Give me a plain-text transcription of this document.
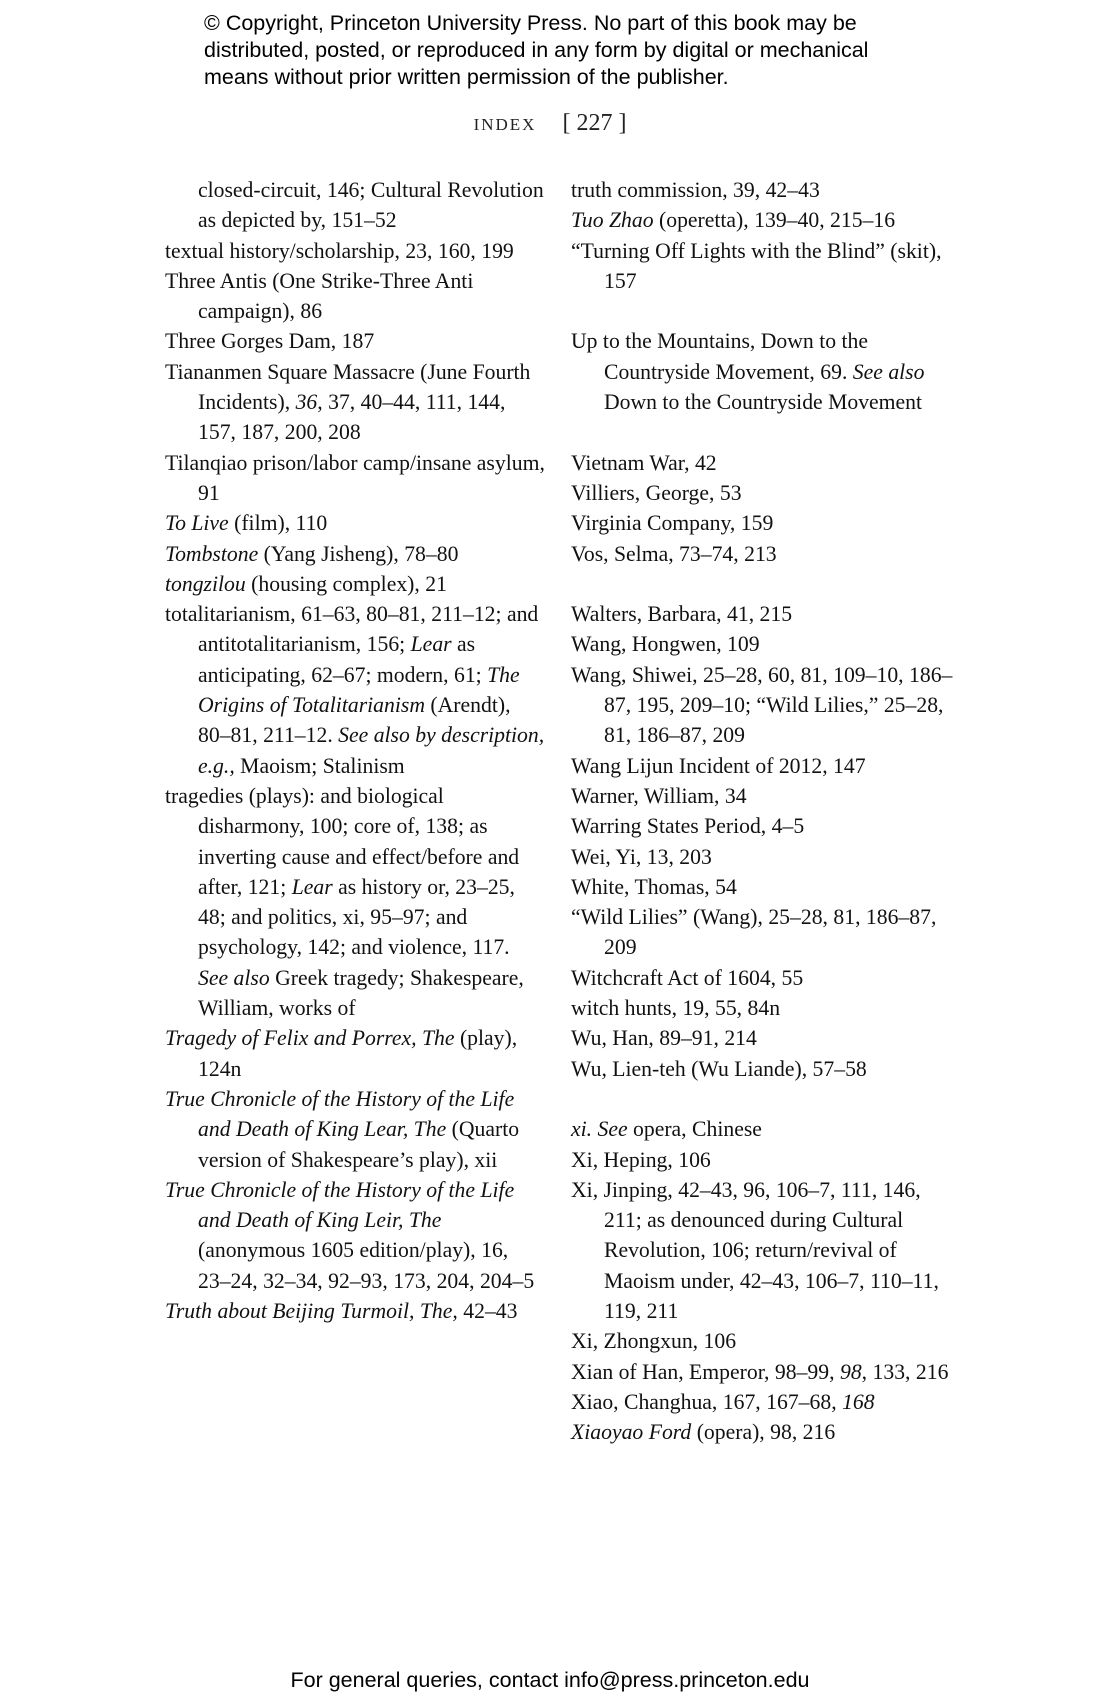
© Copyright, Princeton University Press. No part of this book may be
distributed, posted, or reproduced in any form by digital or mechanical
means without prior written permission of the publisher.
index [ 227 ]

closed-circuit, 146; Cultural Revolution as depicted by, 151–52

textual history/scholarship, 23, 160, 199

Three Antis (One Strike-Three Anti campaign), 86

Three Gorges Dam, 187

Tiananmen Square Massacre (June Fourth Incidents), 36, 37, 40–44, 111, 144, 157, 187, 200, 208

Tilanqiao prison/labor camp/insane asylum, 91

To Live (film), 110

Tombstone (Yang Jisheng), 78–80

tongzilou (housing complex), 21

totalitarianism, 61–63, 80–81, 211–12; and antitotalitarianism, 156; Lear as anticipating, 62–67; modern, 61; The Origins of Totalitarianism (Arendt), 80–81, 211–12. See also by description, e.g., Maoism; Stalinism

tragedies (plays): and biological disharmony, 100; core of, 138; as inverting cause and effect/before and after, 121; Lear as history or, 23–25, 48; and politics, xi, 95–97; and psychology, 142; and violence, 117. See also Greek tragedy; Shakespeare, William, works of

Tragedy of Felix and Porrex, The (play), 124n

True Chronicle of the History of the Life and Death of King Lear, The (Quarto version of Shakespeare’s play), xii

True Chronicle of the History of the Life and Death of King Leir, The (anonymous 1605 edition/play), 16, 23–24, 32–34, 92–93, 173, 204, 204–5

Truth about Beijing Turmoil, The, 42–43

truth commission, 39, 42–43

Tuo Zhao (operetta), 139–40, 215–16

“Turning Off Lights with the Blind” (skit), 157

Up to the Mountains, Down to the Countryside Movement, 69. See also Down to the Countryside Movement

Vietnam War, 42

Villiers, George, 53

Virginia Company, 159

Vos, Selma, 73–74, 213

Walters, Barbara, 41, 215

Wang, Hongwen, 109

Wang, Shiwei, 25–28, 60, 81, 109–10, 186–87, 195, 209–10; “Wild Lilies,” 25–28, 81, 186–87, 209

Wang Lijun Incident of 2012, 147

Warner, William, 34

Warring States Period, 4–5

Wei, Yi, 13, 203

White, Thomas, 54

“Wild Lilies” (Wang), 25–28, 81, 186–87, 209

Witchcraft Act of 1604, 55

witch hunts, 19, 55, 84n

Wu, Han, 89–91, 214

Wu, Lien-teh (Wu Liande), 57–58

xi. See opera, Chinese

Xi, Heping, 106

Xi, Jinping, 42–43, 96, 106–7, 111, 146, 211; as denounced during Cultural Revolution, 106; return/revival of Maoism under, 42–43, 106–7, 110–11, 119, 211

Xi, Zhongxun, 106

Xian of Han, Emperor, 98–99, 98, 133, 216

Xiao, Changhua, 167, 167–68, 168

Xiaoyao Ford (opera), 98, 216

For general queries, contact info@press.princeton.edu
